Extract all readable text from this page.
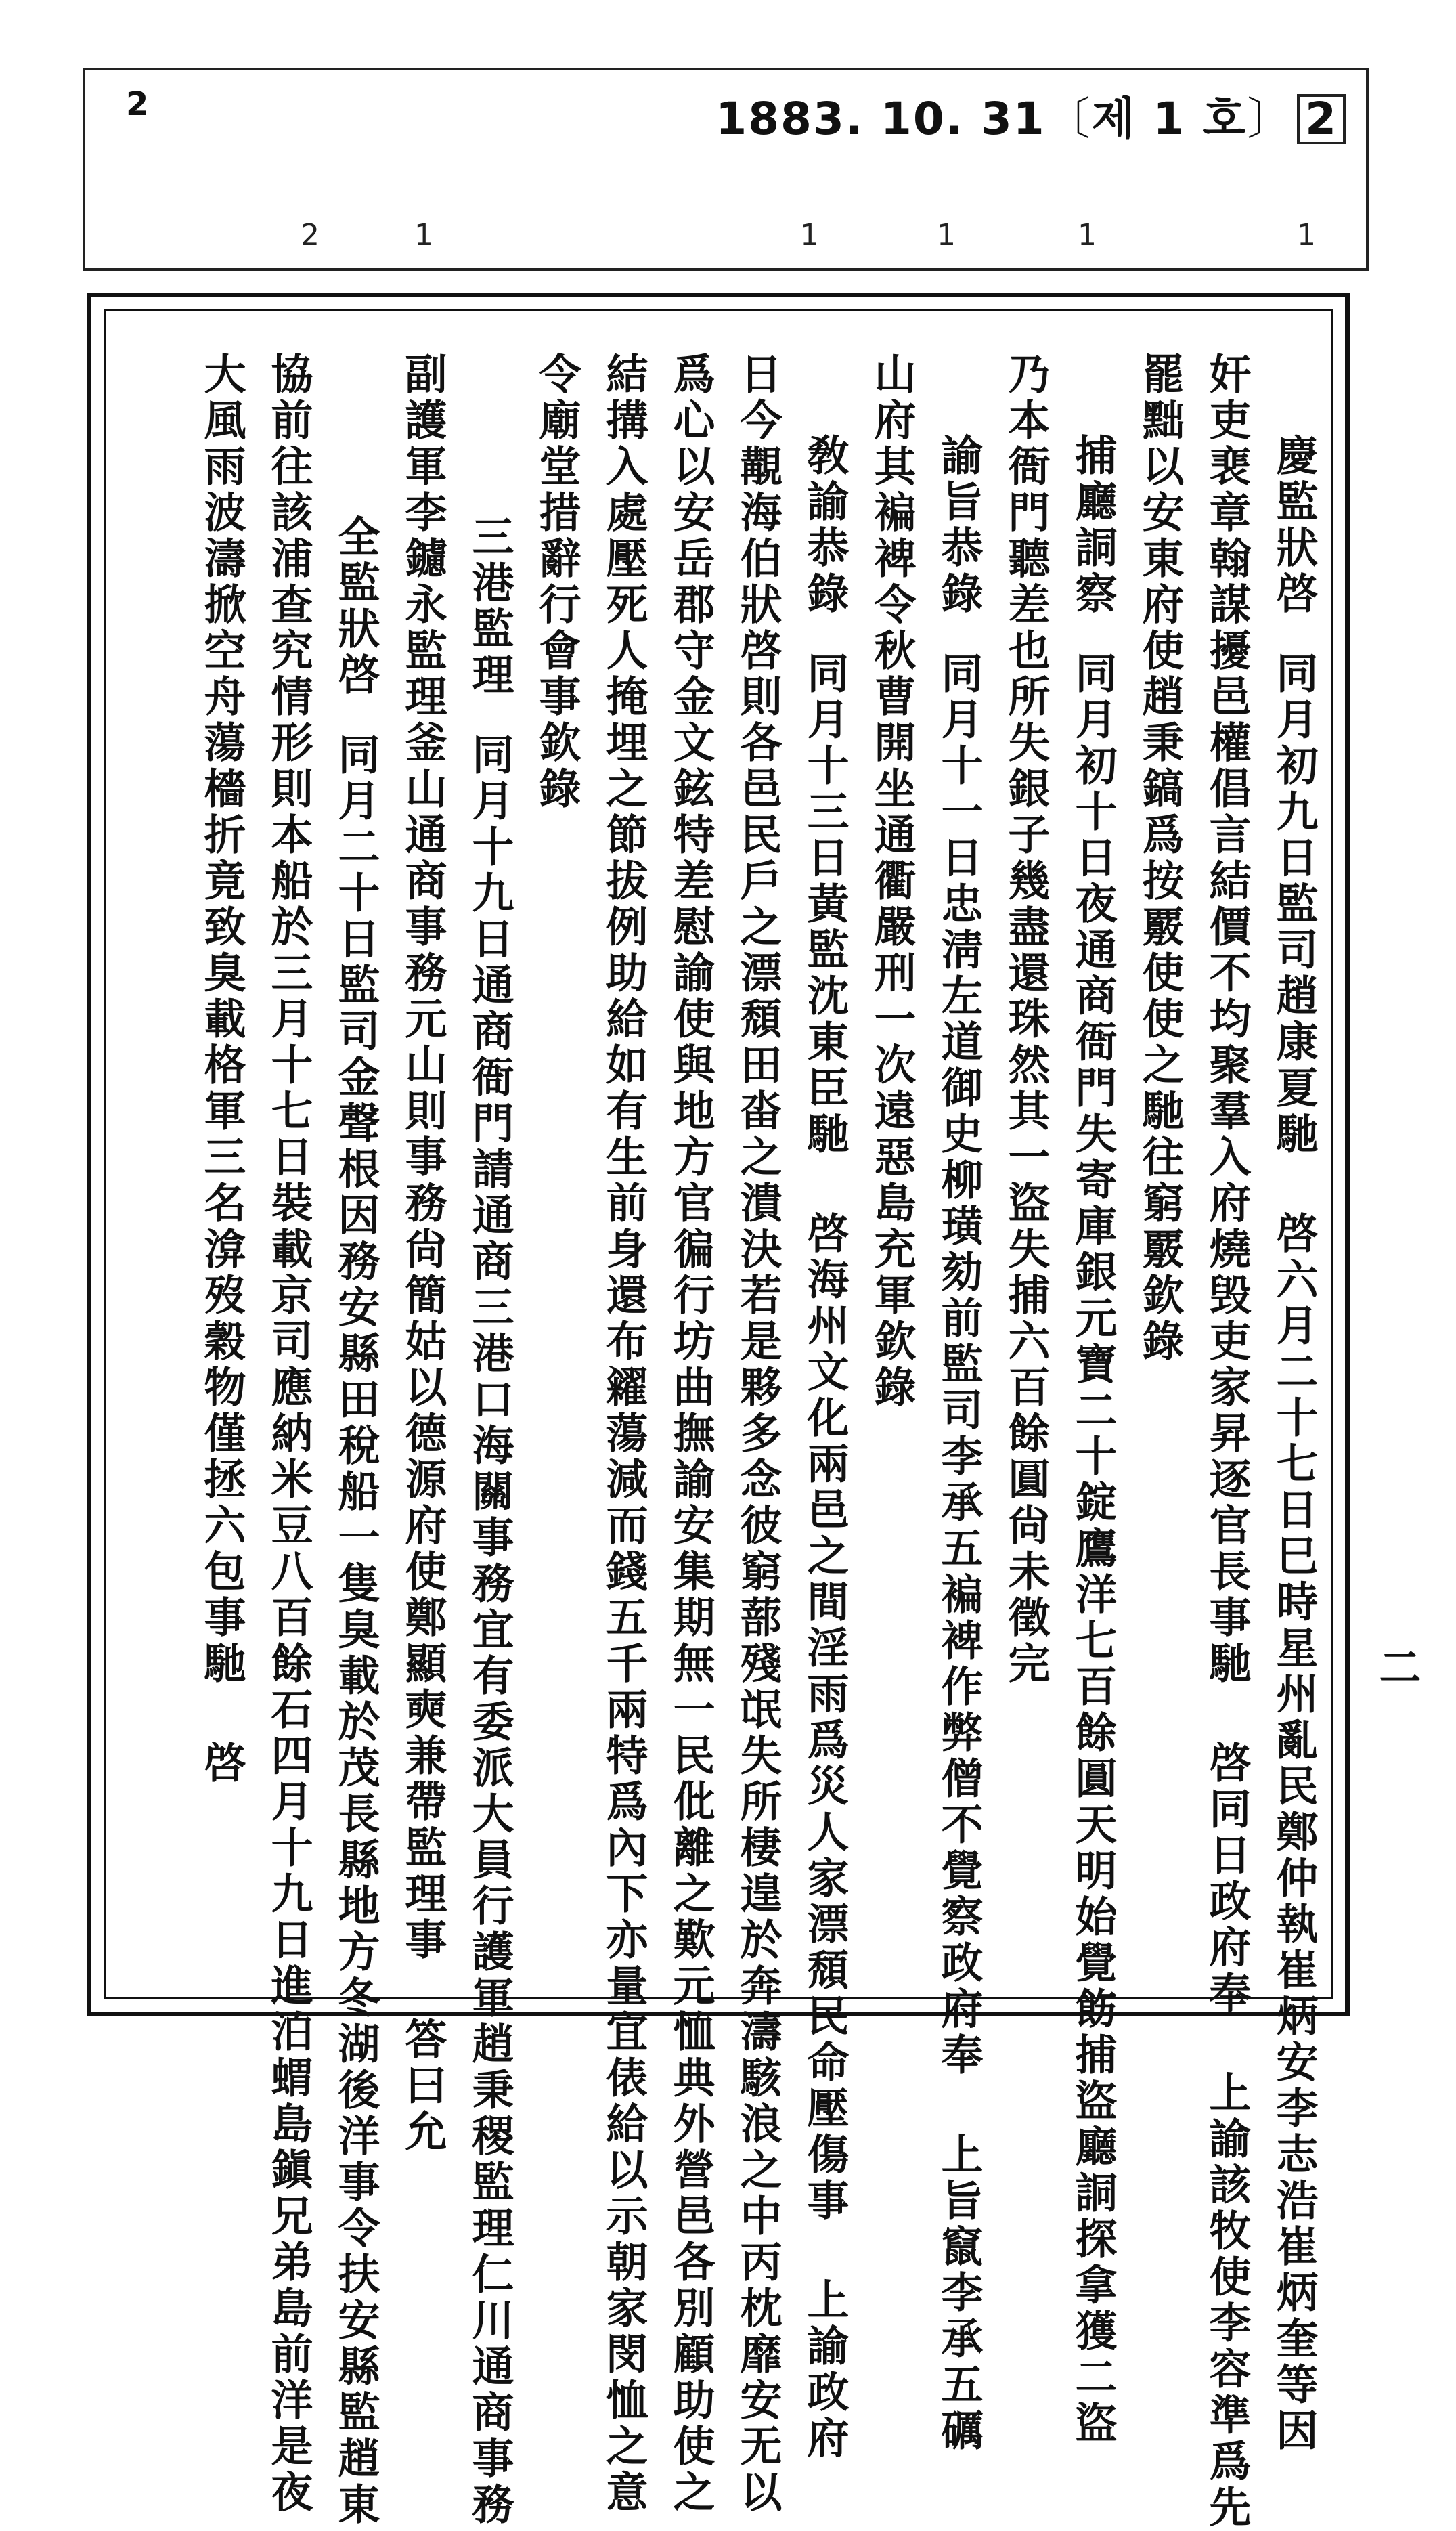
2	1883. 10. 31〔제 1 호〕 2
2	1	1	1	1	1
慶監狀啓同月初九日監司趙康夏馳 啓六月二十七日巳時星州亂民鄭仲執崔炳安李志浩崔炳奎等因
奸吏裵章翰謀擾邑權倡言結價不均聚羣入府燒毁吏家昇逐官長事馳 啓同日政府奉 上諭該牧使李容準爲先
罷黜以安東府使趙秉鎬爲按覈使使之馳往窮覈欽錄
捕廳詷察同月初十日夜通商衙門失寄庫銀元寶二十錠鷹洋七百餘圓天明始覺飭捕盜廳詷探拿獲二盜
乃本衙門聽差也所失銀子幾盡還珠然其一盜失捕六百餘圓尙未徵完
諭旨恭錄同月十一日忠淸左道御史柳璜劾前監司李承五褊裨作弊僧不覺察政府奉 上旨竄李承五礪
山府其褊裨令秋曹開坐通衢嚴刑一次遠惡島充軍欽錄
敎諭恭錄同月十三日黃監沈東臣馳 啓海州文化兩邑之間淫雨爲災人家漂頹民命壓傷事 上諭政府
日今覯海伯狀啓則各邑民戶之漂頹田畓之潰決若是夥多念彼窮蔀殘氓失所棲遑於奔濤駭浪之中丙枕靡安无以
爲心以安岳郡守金文鉉特差慰諭使與地方官徧行坊曲撫諭安集期無一民仳離之歎元恤典外營邑各別顧助使之
結搆入處壓死人掩埋之節拔例助給如有生前身還布糴蕩減而錢五千兩特爲內下亦量宜俵給以示朝家閔恤之意
令廟堂措辭行會事欽錄
三港監理同月十九日通商衙門請通商三港口海關事務宜有委派大員行護軍趙秉稷監理仁川通商事務
副護軍李鑢永監理釜山通商事務元山則事務尙簡姑以德源府使鄭顯奭兼帶監理事 答曰允
全監狀啓同月二十日監司金聲根因務安縣田稅船一隻臭載於茂長縣地方冬湖後洋事令扶安縣監趙東
協前往該浦查究情形則本船於三月十七日裝載京司應納米豆八百餘石四月十九日進泊蝟島鎭兄弟島前洋是夜
大風雨波濤掀空舟蕩檣折竟致臭載格軍三名渰歿穀物僅拯六包事馳 啓	二
